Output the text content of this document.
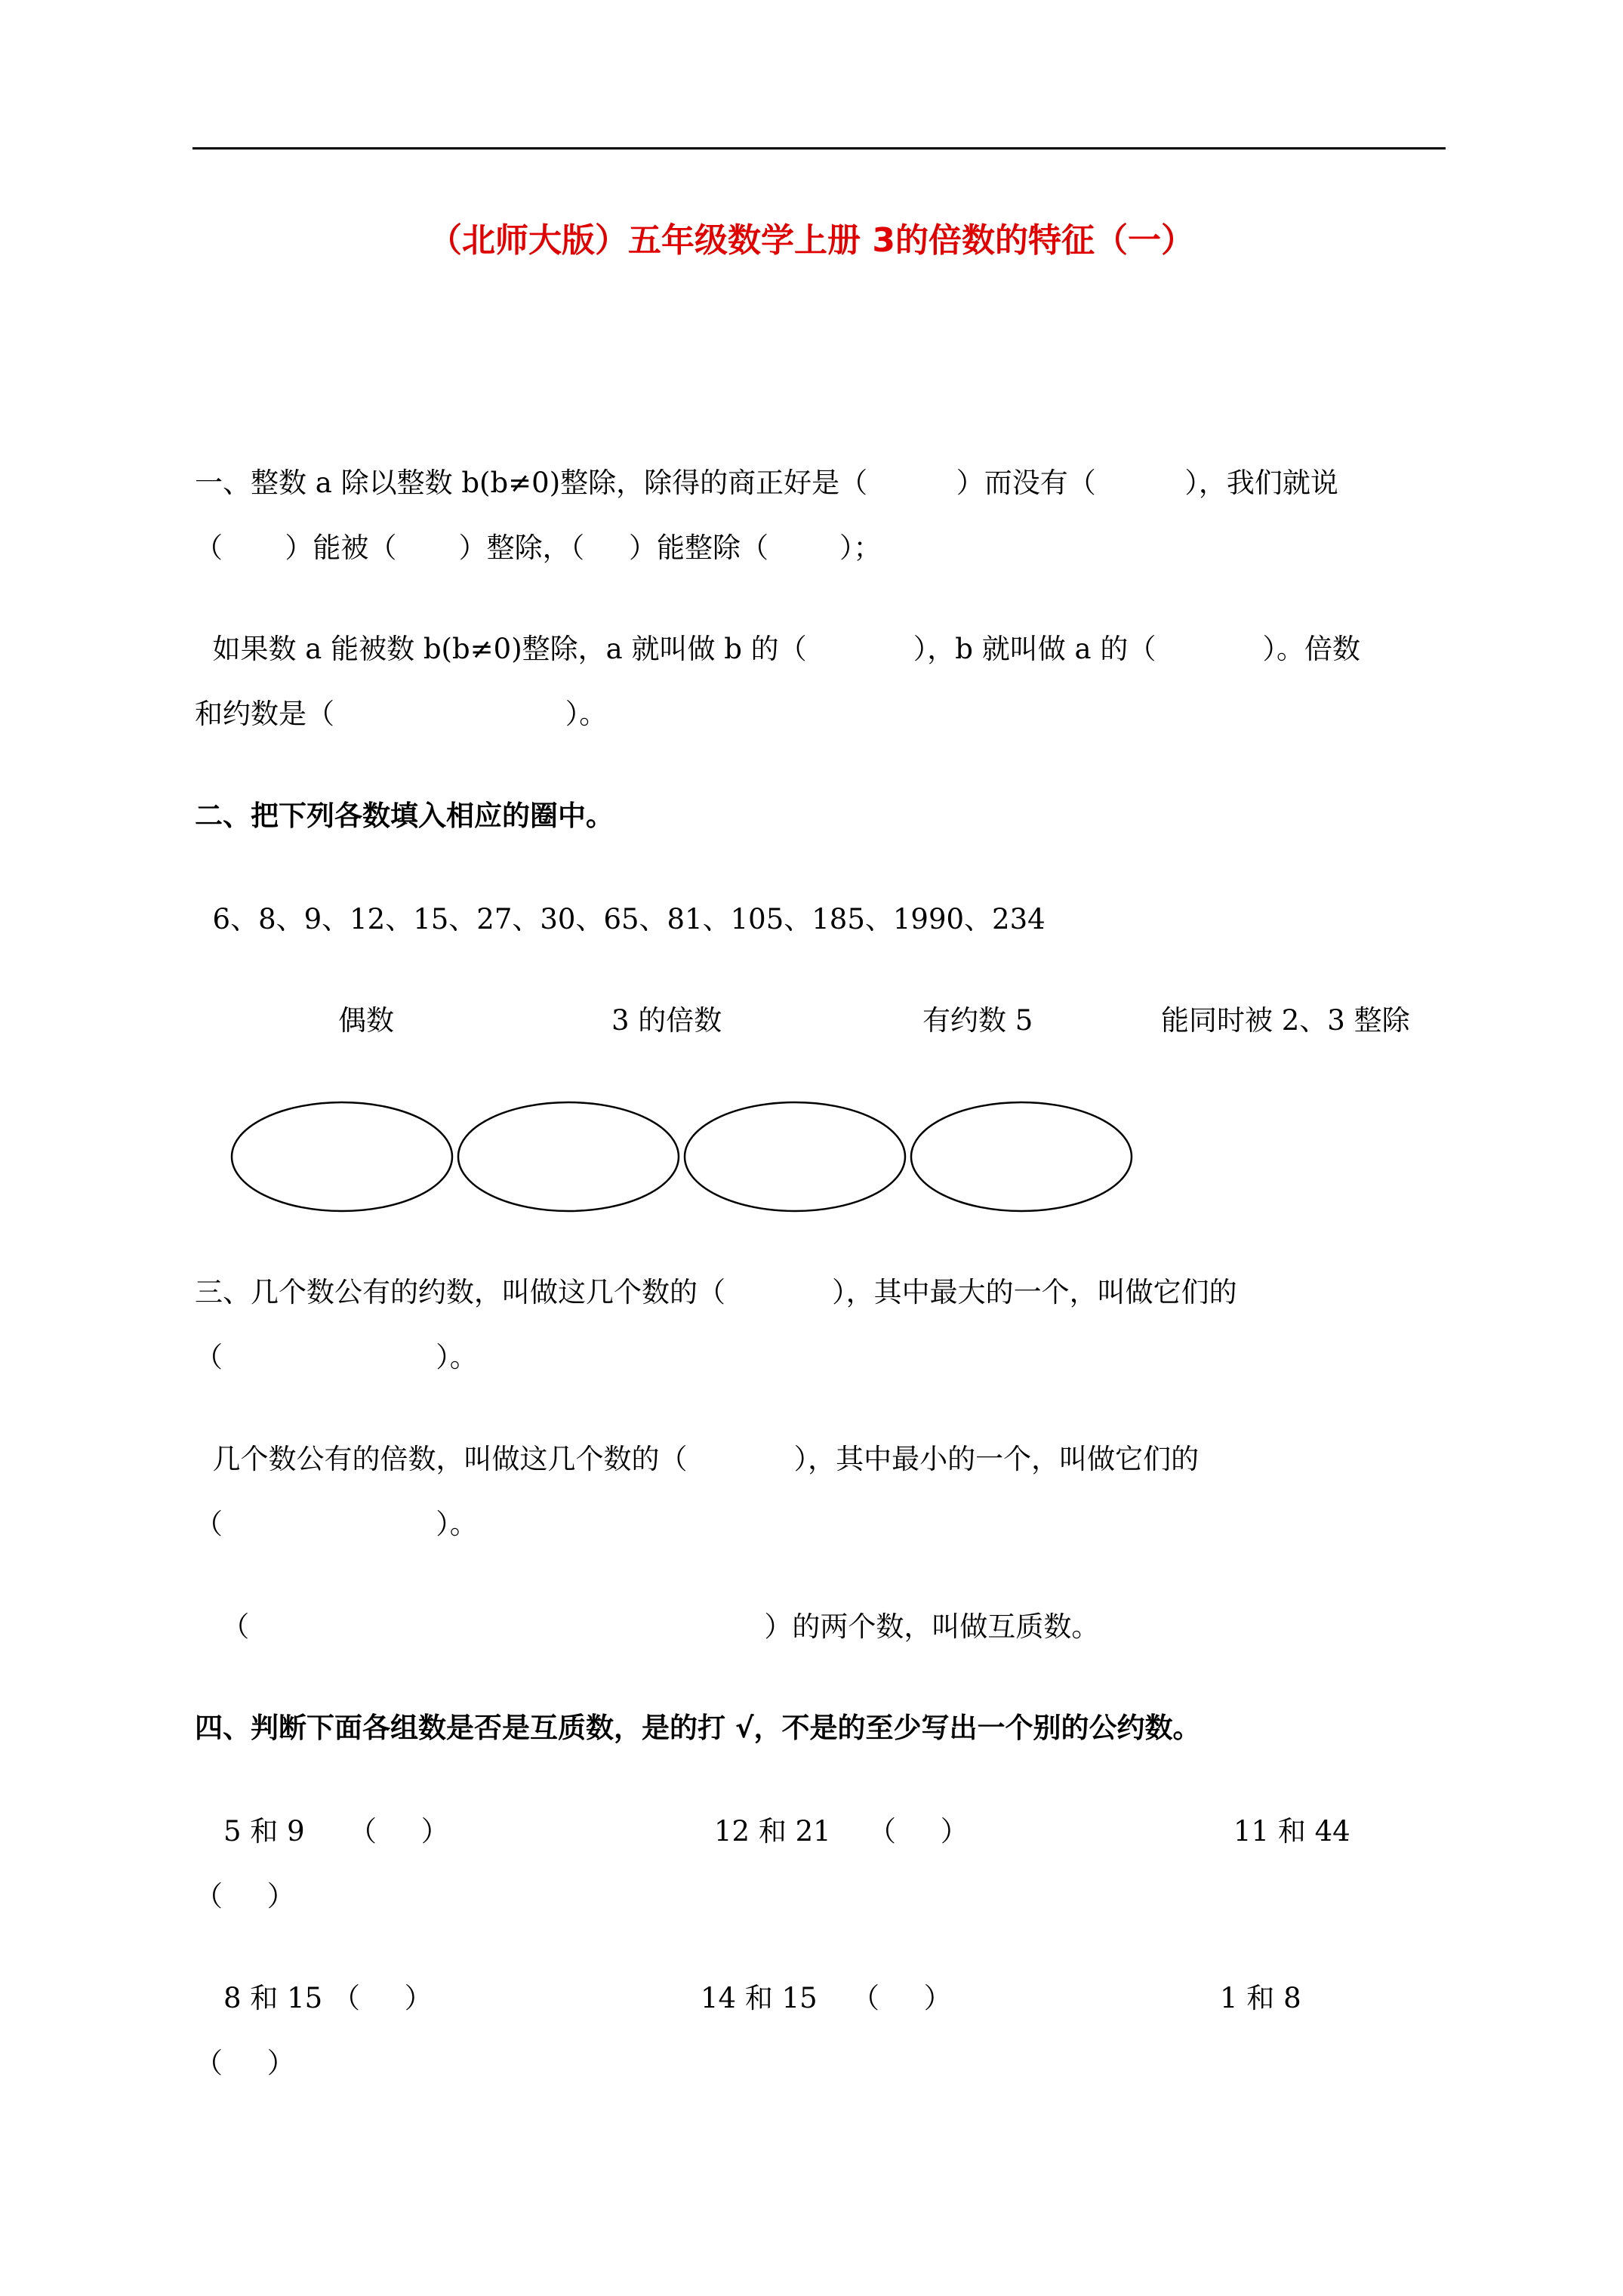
（北师大版）五年级数学上册 3的倍数的特征（一）
一、整数 a 除以整数 b(b≠0)整除，除得的商正好是（          ）而没有（          ），我们就说
（       ）能被（       ）整除，（     ）能整除（        ）；
如果数 a 能被数 b(b≠0)整除，a 就叫做 b 的（            ），b 就叫做 a 的（            ）。倍数
和约数是（                          ）。
二、把下列各数填入相应的圈中。
6、8、9、12、15、27、30、65、81、105、185、1990、234
偶数	3 的倍数	有约数 5	能同时被 2、3 整除
三、几个数公有的约数，叫做这几个数的（            ），其中最大的一个，叫做它们的
（                        ）。
几个数公有的倍数，叫做这几个数的（            ），其中最小的一个，叫做它们的
（                        ）。
（                                                          ）的两个数，叫做互质数。
四、判断下面各组数是否是互质数，是的打 √，不是的至少写出一个别的公约数。
5 和 9 （     ）	12 和 21 （     ）	11 和 44
（     ）
8 和 15 （     ）	14 和 15 （     ）	1 和 8
（     ）
